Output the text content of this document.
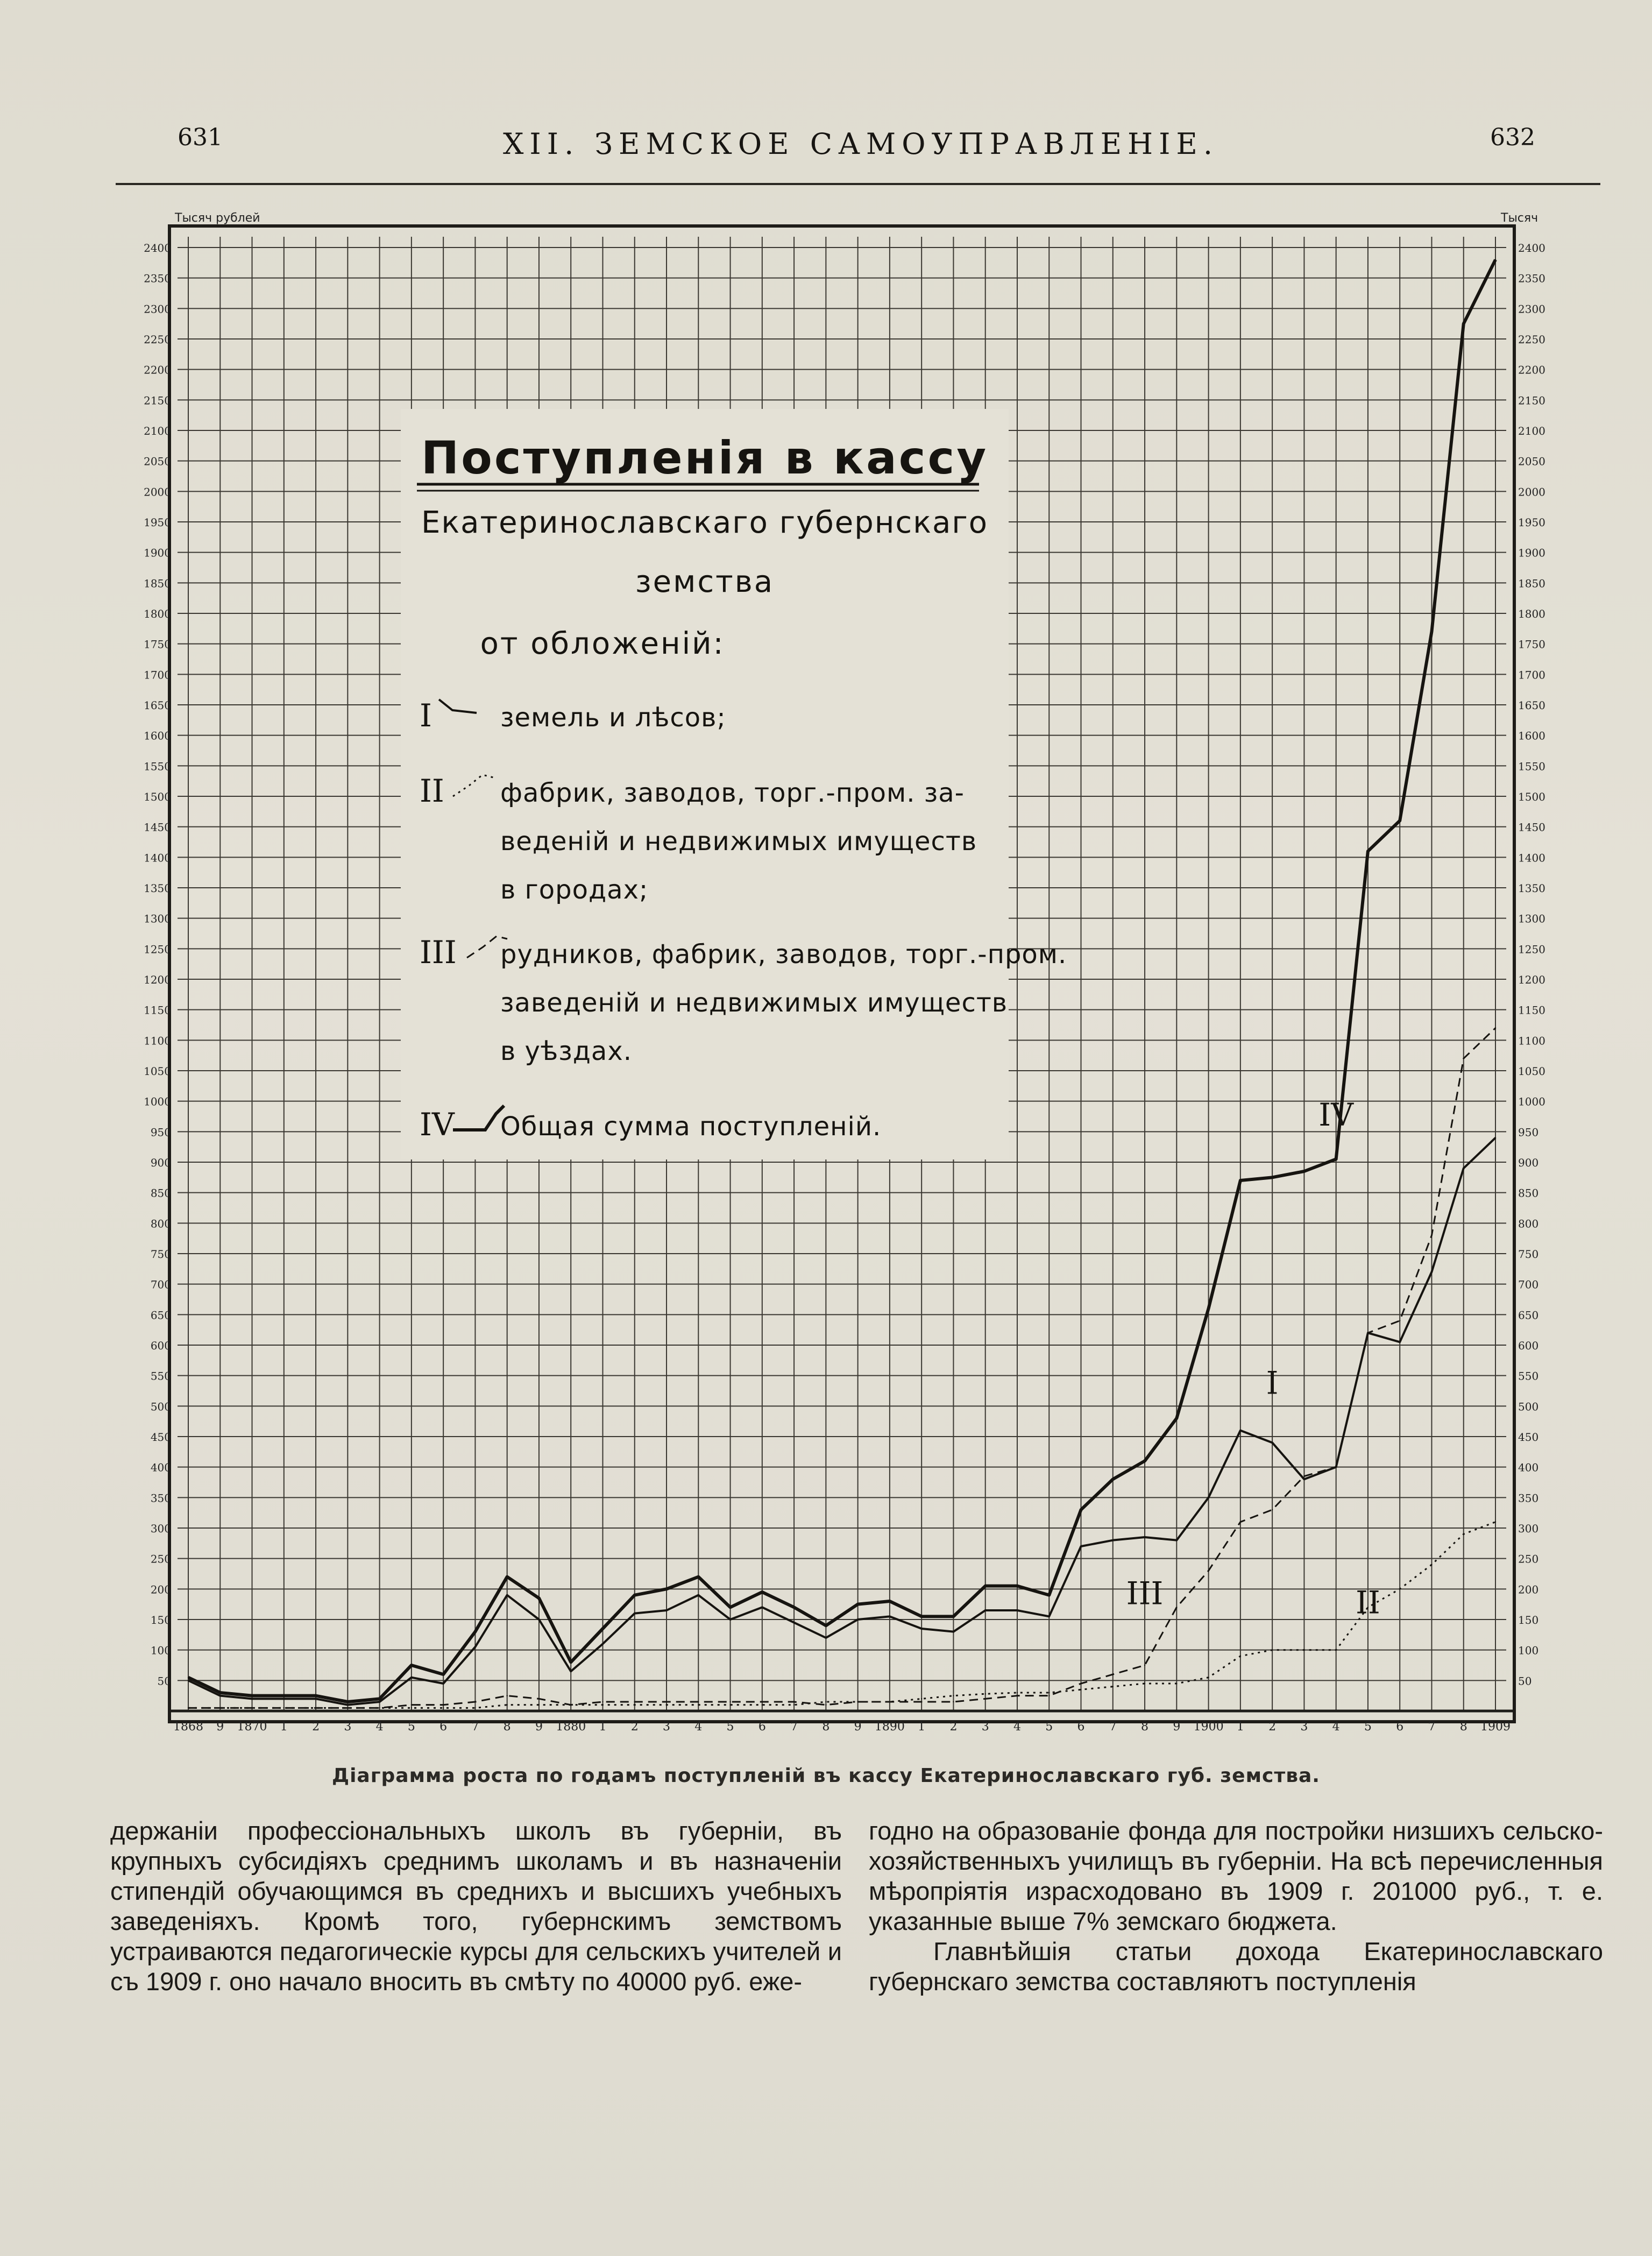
631	XII. ЗЕМСКОЕ САМОУПРАВЛЕНІЕ.	632
Тысяч рублей
50
100
150
200
250
300
350
400
450
500
550
600
650
700
750
800
850
900
950
1000
1050
1100
1150
1200
1250
1300
1350
1400
1450
1500
1550
1600
1650
1700
1750
1800
1850
1900
1950
2000
2050
2100
2150
2200
2250
2300
2350
2400
Тысяч
50
100
150
200
250
300
350
400
450
500
550
600
650
700
750
800
850
900
950
1000
1050
1100
1150
1200
1250
1300
1350
1400
1450
1500
1550
1600
1650
1700
1750
1800
1850
1900
1950
2000
2050
2100
2150
2200
2250
2300
2350
2400
1868 9 1870 1 2 3 4 5 6 7 8 9 1880 1 2 3 4 5 6 7 8 9 1890 1 2 3 4 5 6 7 8 9 1900 1 2 3 4 5 6 7 8 1909
Поступленія в кассу
Екатеринославскаго губернскаго
земства
от обложеній:
I	земель и лѣсов;
II фабрик, заводов, торг.-пром. за-
веденій и недвижимых имуществ
в городах;
III рудников, фабрик, заводов, торг.-пром.
заведеній и недвижимых имуществ
в уѣздах.
IV Общая сумма поступленій.
I
II
III
IV
Діаграмма роста по годамъ поступленій въ кассу Екатеринославскаго губ. земства.

держаніи профессіональныхъ школъ въ губерніи, въ крупныхъ субсидіяхъ среднимъ школамъ и въ назначеніи стипендій обучающимся въ среднихъ и высшихъ учебныхъ заведеніяхъ. Кромѣ того, губернскимъ земствомъ устраиваются педагогическіе курсы для сельскихъ учителей и съ 1909 г. оно начало вносить въ смѣту по 40000 руб. еже-

годно на образованіе фонда для постройки низшихъ сельско-хозяйственныхъ училищъ въ губерніи. На всѣ перечисленныя мѣропріятія израсходовано въ 1909 г. 201000 руб., т. е. указанные выше 7% земскаго бюджета.

Главнѣйшія статьи дохода Екатеринославскаго губернскаго земства составляютъ поступленія
